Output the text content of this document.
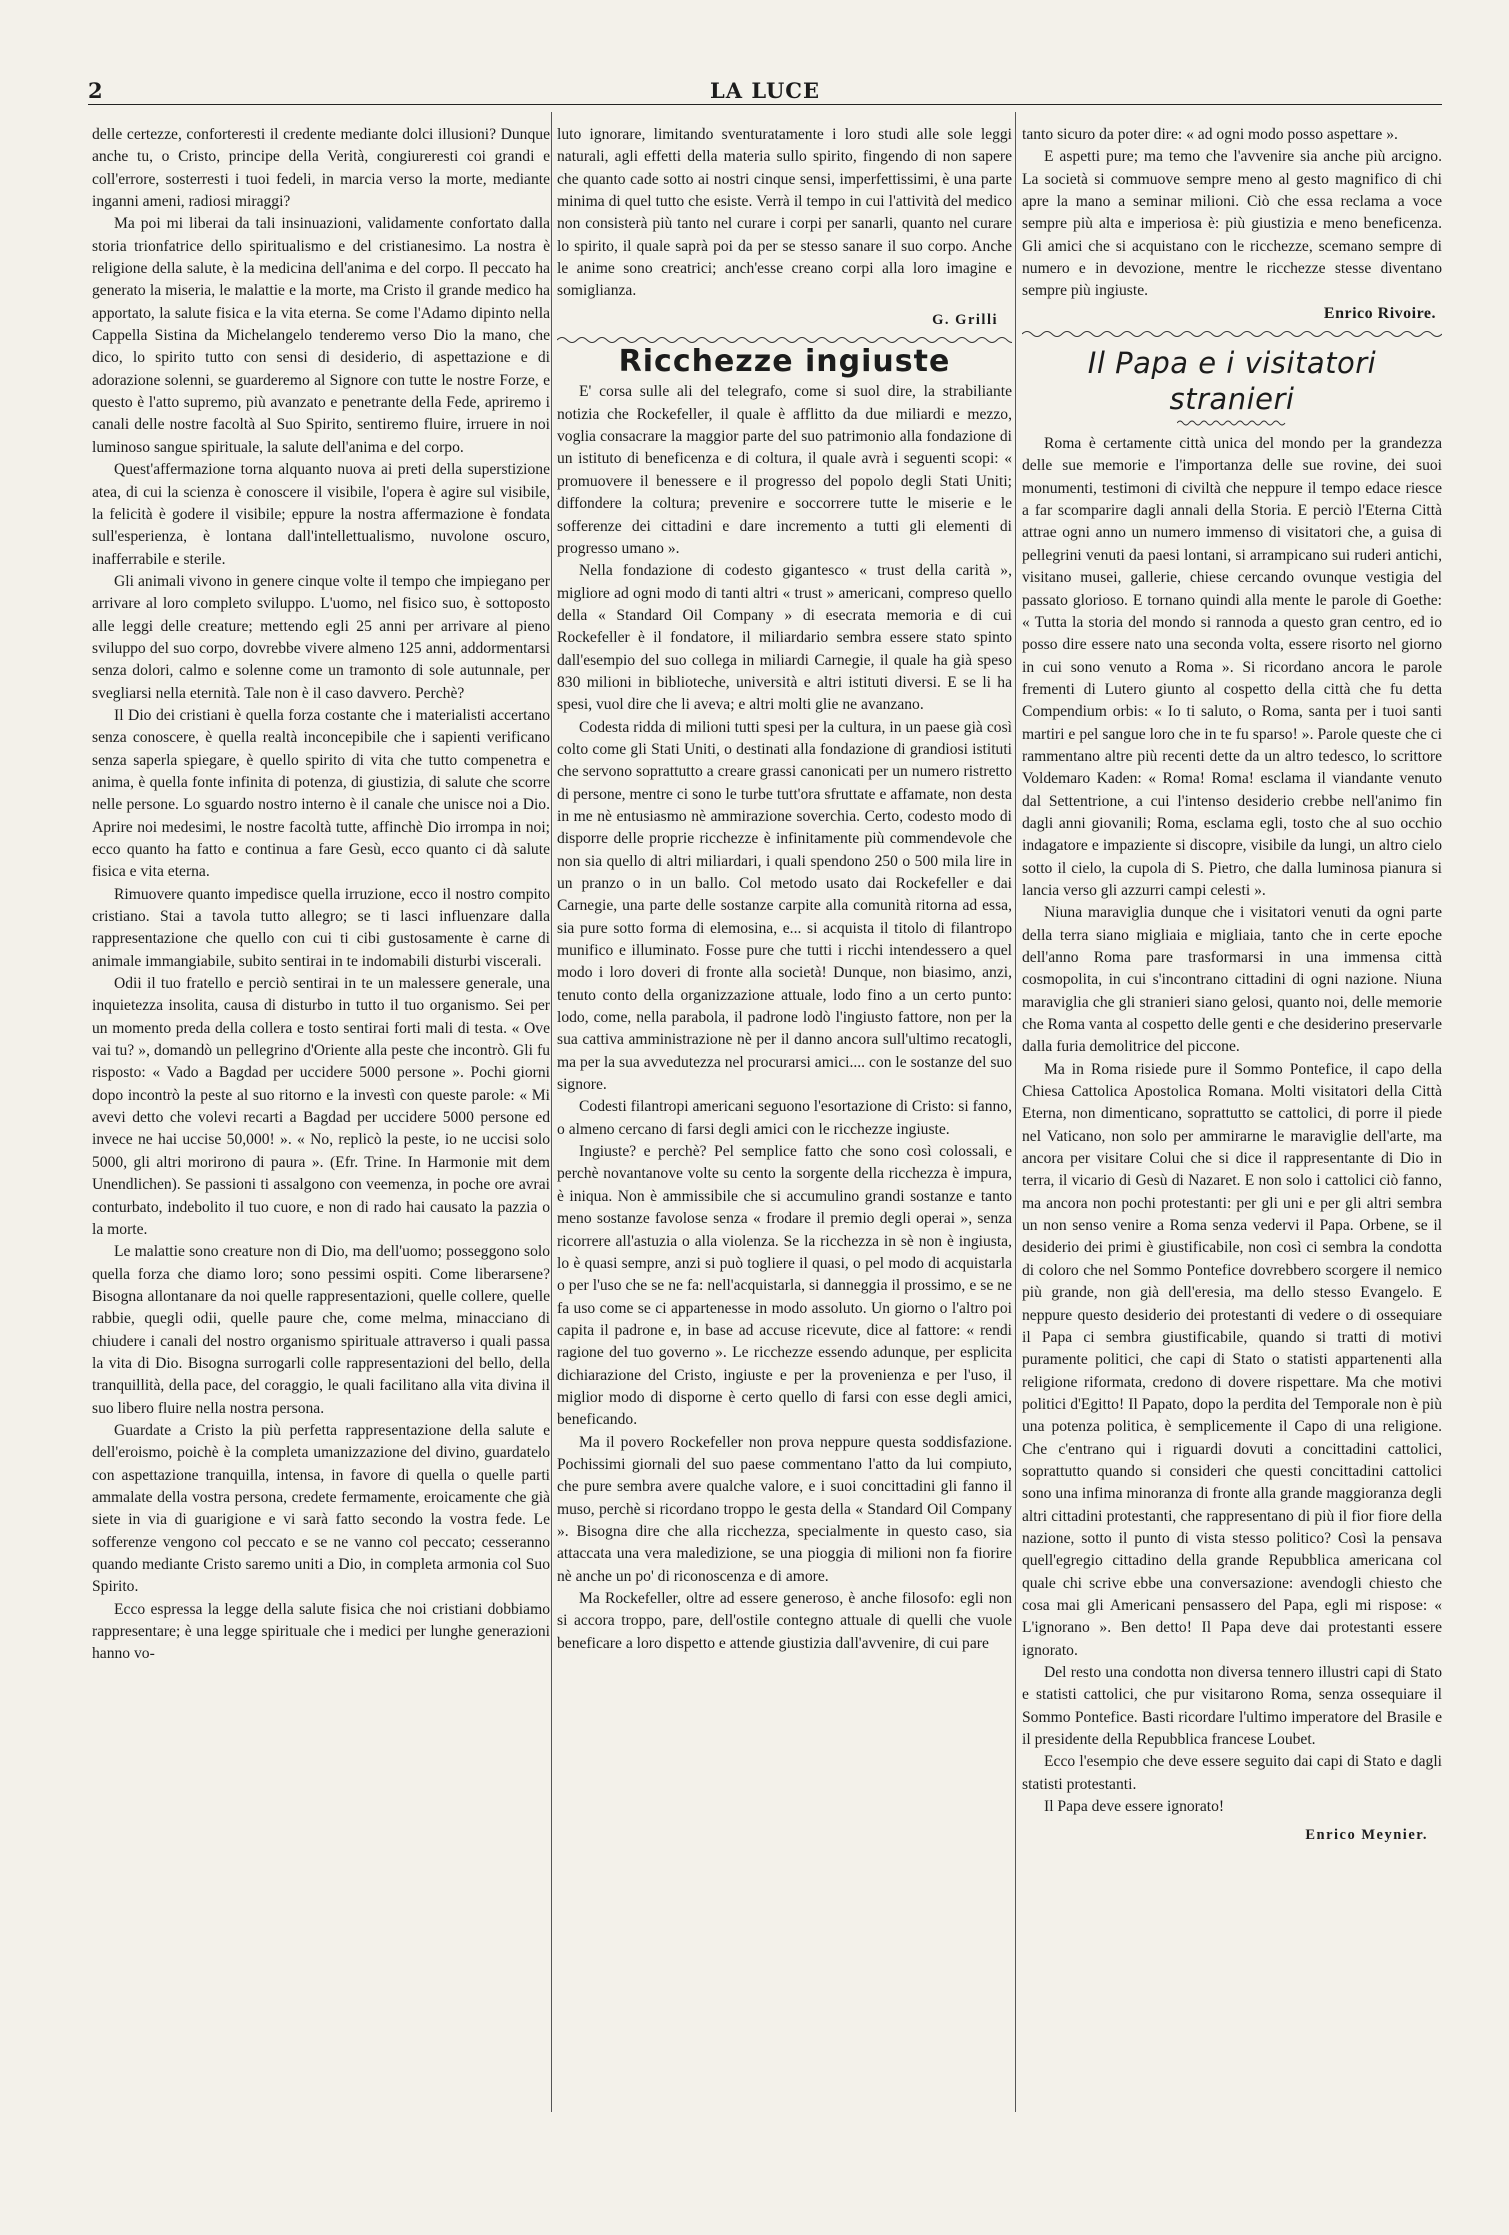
2	LA LUCE

delle certezze, conforteresti il credente mediante dolci illusioni? Dunque anche tu, o Cristo, principe della Verità, congiureresti coi grandi e coll'errore, sosterresti i tuoi fedeli, in marcia verso la morte, mediante inganni ameni, radiosi miraggi?

Ma poi mi liberai da tali insinuazioni, validamente confortato dalla storia trionfatrice dello spiritualismo e del cristianesimo. La nostra è religione della salute, è la medicina dell'anima e del corpo. Il peccato ha generato la miseria, le malattie e la morte, ma Cristo il grande medico ha apportato, la salute fisica e la vita eterna. Se come l'Adamo dipinto nella Cappella Sistina da Michelangelo tenderemo verso Dio la mano, che dico, lo spirito tutto con sensi di desiderio, di aspettazione e di adorazione solenni, se guarderemo al Signore con tutte le nostre Forze, e questo è l'atto supremo, più avanzato e penetrante della Fede, apriremo i canali delle nostre facoltà al Suo Spirito, sentiremo fluire, irruere in noi luminoso sangue spirituale, la salute dell'anima e del corpo.

Quest'affermazione torna alquanto nuova ai preti della superstizione atea, di cui la scienza è conoscere il visibile, l'opera è agire sul visibile, la felicità è godere il visibile; eppure la nostra affermazione è fondata sull'esperienza, è lontana dall'intellettualismo, nuvolone oscuro, inafferrabile e sterile.

Gli animali vivono in genere cinque volte il tempo che impiegano per arrivare al loro completo sviluppo. L'uomo, nel fisico suo, è sottoposto alle leggi delle creature; mettendo egli 25 anni per arrivare al pieno sviluppo del suo corpo, dovrebbe vivere almeno 125 anni, addormentarsi senza dolori, calmo e solenne come un tramonto di sole autunnale, per svegliarsi nella eternità. Tale non è il caso davvero. Perchè?

Il Dio dei cristiani è quella forza costante che i materialisti accertano senza conoscere, è quella realtà inconcepibile che i sapienti verificano senza saperla spiegare, è quello spirito di vita che tutto compenetra e anima, è quella fonte infinita di potenza, di giustizia, di salute che scorre nelle persone. Lo sguardo nostro interno è il canale che unisce noi a Dio. Aprire noi medesimi, le nostre facoltà tutte, affinchè Dio irrompa in noi; ecco quanto ha fatto e continua a fare Gesù, ecco quanto ci dà salute fisica e vita eterna.

Rimuovere quanto impedisce quella irruzione, ecco il nostro compito cristiano. Stai a tavola tutto allegro; se ti lasci influenzare dalla rappresentazione che quello con cui ti cibi gustosamente è carne di animale immangiabile, subito sentirai in te indomabili disturbi viscerali.

Odii il tuo fratello e perciò sentirai in te un malessere generale, una inquietezza insolita, causa di disturbo in tutto il tuo organismo. Sei per un momento preda della collera e tosto sentirai forti mali di testa. « Ove vai tu? », domandò un pellegrino d'Oriente alla peste che incontrò. Gli fu risposto: « Vado a Bagdad per uccidere 5000 persone ». Pochi giorni dopo incontrò la peste al suo ritorno e la investì con queste parole: « Mi avevi detto che volevi recarti a Bagdad per uccidere 5000 persone ed invece ne hai uccise 50,000! ». « No, replicò la peste, io ne uccisi solo 5000, gli altri morirono di paura ». (Efr. Trine. In Harmonie mit dem Unendlichen). Se passioni ti assalgono con veemenza, in poche ore avrai conturbato, indebolito il tuo cuore, e non di rado hai causato la pazzia o la morte.

Le malattie sono creature non di Dio, ma dell'uomo; posseggono solo quella forza che diamo loro; sono pessimi ospiti. Come liberarsene? Bisogna allontanare da noi quelle rappresentazioni, quelle collere, quelle rabbie, quegli odii, quelle paure che, come melma, minacciano di chiudere i canali del nostro organismo spirituale attraverso i quali passa la vita di Dio. Bisogna surrogarli colle rappresentazioni del bello, della tranquillità, della pace, del coraggio, le quali facilitano alla vita divina il suo libero fluire nella nostra persona.

Guardate a Cristo la più perfetta rappresentazione della salute e dell'eroismo, poichè è la completa umanizzazione del divino, guardatelo con aspettazione tranquilla, intensa, in favore di quella o quelle parti ammalate della vostra persona, credete fermamente, eroicamente che già siete in via di guarigione e vi sarà fatto secondo la vostra fede. Le sofferenze vengono col peccato e se ne vanno col peccato; cesseranno quando mediante Cristo saremo uniti a Dio, in completa armonia col Suo Spirito.

Ecco espressa la legge della salute fisica che noi cristiani dobbiamo rappresentare; è una legge spirituale che i medici per lunghe generazioni hanno vo-

luto ignorare, limitando sventuratamente i loro studi alle sole leggi naturali, agli effetti della materia sullo spirito, fingendo di non sapere che quanto cade sotto ai nostri cinque sensi, imperfettissimi, è una parte minima di quel tutto che esiste. Verrà il tempo in cui l'attività del medico non consisterà più tanto nel curare i corpi per sanarli, quanto nel curare lo spirito, il quale saprà poi da per se stesso sanare il suo corpo. Anche le anime sono creatrici; anch'esse creano corpi alla loro imagine e somiglianza.

G. Grilli
Ricchezze ingiuste

E' corsa sulle ali del telegrafo, come si suol dire, la strabiliante notizia che Rockefeller, il quale è afflitto da due miliardi e mezzo, voglia consacrare la maggior parte del suo patrimonio alla fondazione di un istituto di beneficenza e di coltura, il quale avrà i seguenti scopi: « promuovere il benessere e il progresso del popolo degli Stati Uniti; diffondere la coltura; prevenire e soccorrere tutte le miserie e le sofferenze dei cittadini e dare incremento a tutti gli elementi di progresso umano ».

Nella fondazione di codesto gigantesco « trust della carità », migliore ad ogni modo di tanti altri « trust » americani, compreso quello della « Standard Oil Company » di esecrata memoria e di cui Rockefeller è il fondatore, il miliardario sembra essere stato spinto dall'esempio del suo collega in miliardi Carnegie, il quale ha già speso 830 milioni in biblioteche, università e altri istituti diversi. E se li ha spesi, vuol dire che li aveva; e altri molti glie ne avanzano.

Codesta ridda di milioni tutti spesi per la cultura, in un paese già così colto come gli Stati Uniti, o destinati alla fondazione di grandiosi istituti che servono soprattutto a creare grassi canonicati per un numero ristretto di persone, mentre ci sono le turbe tutt'ora sfruttate e affamate, non desta in me nè entusiasmo nè ammirazione soverchia. Certo, codesto modo di disporre delle proprie ricchezze è infinitamente più commendevole che non sia quello di altri miliardari, i quali spendono 250 o 500 mila lire in un pranzo o in un ballo. Col metodo usato dai Rockefeller e dai Carnegie, una parte delle sostanze carpite alla comunità ritorna ad essa, sia pure sotto forma di elemosina, e... si acquista il titolo di filantropo munifico e illuminato. Fosse pure che tutti i ricchi intendessero a quel modo i loro doveri di fronte alla società! Dunque, non biasimo, anzi, tenuto conto della organizzazione attuale, lodo fino a un certo punto: lodo, come, nella parabola, il padrone lodò l'ingiusto fattore, non per la sua cattiva amministrazione nè per il danno ancora sull'ultimo recatogli, ma per la sua avvedutezza nel procurarsi amici.... con le sostanze del suo signore.

Codesti filantropi americani seguono l'esortazione di Cristo: si fanno, o almeno cercano di farsi degli amici con le ricchezze ingiuste.

Ingiuste? e perchè? Pel semplice fatto che sono così colossali, e perchè novantanove volte su cento la sorgente della ricchezza è impura, è iniqua. Non è ammissibile che si accumulino grandi sostanze e tanto meno sostanze favolose senza « frodare il premio degli operai », senza ricorrere all'astuzia o alla violenza. Se la ricchezza in sè non è ingiusta, lo è quasi sempre, anzi si può togliere il quasi, o pel modo di acquistarla o per l'uso che se ne fa: nell'acquistarla, si danneggia il prossimo, e se ne fa uso come se ci appartenesse in modo assoluto. Un giorno o l'altro poi capita il padrone e, in base ad accuse ricevute, dice al fattore: « rendi ragione del tuo governo ». Le ricchezze essendo adunque, per esplicita dichiarazione del Cristo, ingiuste e per la provenienza e per l'uso, il miglior modo di disporne è certo quello di farsi con esse degli amici, beneficando.

Ma il povero Rockefeller non prova neppure questa soddisfazione. Pochissimi giornali del suo paese commentano l'atto da lui compiuto, che pure sembra avere qualche valore, e i suoi concittadini gli fanno il muso, perchè si ricordano troppo le gesta della « Standard Oil Company ». Bisogna dire che alla ricchezza, specialmente in questo caso, sia attaccata una vera maledizione, se una pioggia di milioni non fa fiorire nè anche un po' di riconoscenza e di amore.

Ma Rockefeller, oltre ad essere generoso, è anche filosofo: egli non si accora troppo, pare, dell'ostile contegno attuale di quelli che vuole beneficare a loro dispetto e attende giustizia dall'avvenire, di cui pare

tanto sicuro da poter dire: « ad ogni modo posso aspettare ».

E aspetti pure; ma temo che l'avvenire sia anche più arcigno. La società si commuove sempre meno al gesto magnifico di chi apre la mano a seminar milioni. Ciò che essa reclama a voce sempre più alta e imperiosa è: più giustizia e meno beneficenza. Gli amici che si acquistano con le ricchezze, scemano sempre di numero e in devozione, mentre le ricchezze stesse diventano sempre più ingiuste.

Enrico Rivoire.
Il Papa e i visitatori stranieri

Roma è certamente città unica del mondo per la grandezza delle sue memorie e l'importanza delle sue rovine, dei suoi monumenti, testimoni di civiltà che neppure il tempo edace riesce a far scomparire dagli annali della Storia. E perciò l'Eterna Città attrae ogni anno un numero immenso di visitatori che, a guisa di pellegrini venuti da paesi lontani, si arrampicano sui ruderi antichi, visitano musei, gallerie, chiese cercando ovunque vestigia del passato glorioso. E tornano quindi alla mente le parole di Goethe: « Tutta la storia del mondo si rannoda a questo gran centro, ed io posso dire essere nato una seconda volta, essere risorto nel giorno in cui sono venuto a Roma ». Si ricordano ancora le parole frementi di Lutero giunto al cospetto della città che fu detta Compendium orbis: « Io ti saluto, o Roma, santa per i tuoi santi martiri e pel sangue loro che in te fu sparso! ». Parole queste che ci rammentano altre più recenti dette da un altro tedesco, lo scrittore Voldemaro Kaden: « Roma! Roma! esclama il viandante venuto dal Settentrione, a cui l'intenso desiderio crebbe nell'animo fin dagli anni giovanili; Roma, esclama egli, tosto che al suo occhio indagatore e impaziente si discopre, visibile da lungi, un altro cielo sotto il cielo, la cupola di S. Pietro, che dalla luminosa pianura si lancia verso gli azzurri campi celesti ».

Niuna maraviglia dunque che i visitatori venuti da ogni parte della terra siano migliaia e migliaia, tanto che in certe epoche dell'anno Roma pare trasformarsi in una immensa città cosmopolita, in cui s'incontrano cittadini di ogni nazione. Niuna maraviglia che gli stranieri siano gelosi, quanto noi, delle memorie che Roma vanta al cospetto delle genti e che desiderino preservarle dalla furia demolitrice del piccone.

Ma in Roma risiede pure il Sommo Pontefice, il capo della Chiesa Cattolica Apostolica Romana. Molti visitatori della Città Eterna, non dimenticano, soprattutto se cattolici, di porre il piede nel Vaticano, non solo per ammirarne le maraviglie dell'arte, ma ancora per visitare Colui che si dice il rappresentante di Dio in terra, il vicario di Gesù di Nazaret. E non solo i cattolici ciò fanno, ma ancora non pochi protestanti: per gli uni e per gli altri sembra un non senso venire a Roma senza vedervi il Papa. Orbene, se il desiderio dei primi è giustificabile, non così ci sembra la condotta di coloro che nel Sommo Pontefice dovrebbero scorgere il nemico più grande, non già dell'eresia, ma dello stesso Evangelo. E neppure questo desiderio dei protestanti di vedere o di ossequiare il Papa ci sembra giustificabile, quando si tratti di motivi puramente politici, che capi di Stato o statisti appartenenti alla religione riformata, credono di dovere rispettare. Ma che motivi politici d'Egitto! Il Papato, dopo la perdita del Temporale non è più una potenza politica, è semplicemente il Capo di una religione. Che c'entrano qui i riguardi dovuti a concittadini cattolici, soprattutto quando si consideri che questi concittadini cattolici sono una infima minoranza di fronte alla grande maggioranza degli altri cittadini protestanti, che rappresentano di più il fior fiore della nazione, sotto il punto di vista stesso politico? Così la pensava quell'egregio cittadino della grande Repubblica americana col quale chi scrive ebbe una conversazione: avendogli chiesto che cosa mai gli Americani pensassero del Papa, egli mi rispose: « L'ignorano ». Ben detto! Il Papa deve dai protestanti essere ignorato.

Del resto una condotta non diversa tennero illustri capi di Stato e statisti cattolici, che pur visitarono Roma, senza ossequiare il Sommo Pontefice. Basti ricordare l'ultimo imperatore del Brasile e il presidente della Repubblica francese Loubet.

Ecco l'esempio che deve essere seguito dai capi di Stato e dagli statisti protestanti.

Il Papa deve essere ignorato!

Enrico Meynier.
